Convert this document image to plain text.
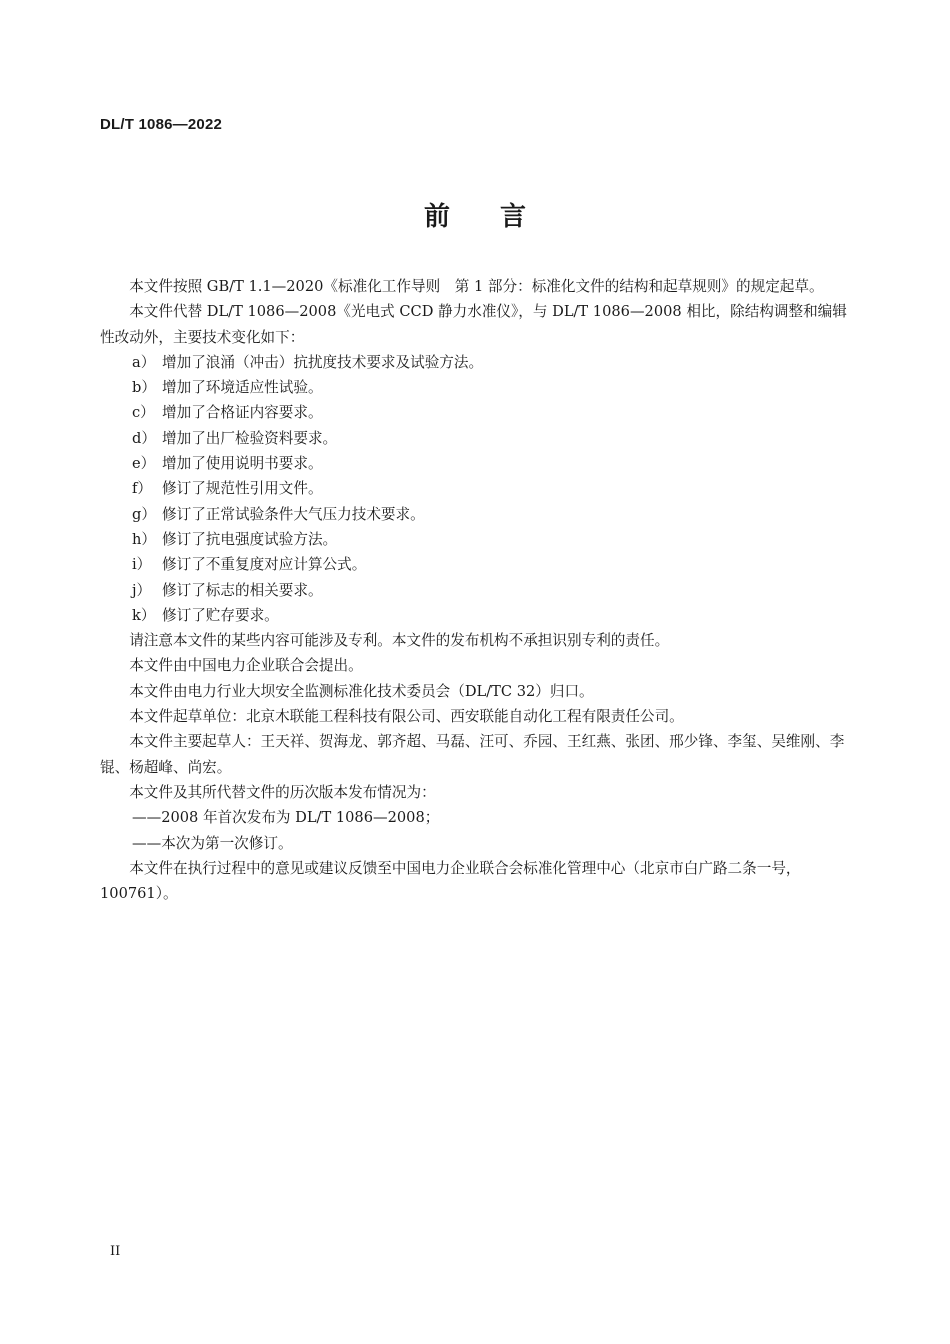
DL/T 1086—2022
前言

本文件按照 GB/T 1.1—2020《标准化工作导则　第 1 部分：标准化文件的结构和起草规则》的规定起草。

本文件代替 DL/T 1086—2008《光电式 CCD 静力水准仪》，与 DL/T 1086—2008 相比，除结构调整和编辑性改动外，主要技术变化如下：

a） 增加了浪涌（冲击）抗扰度技术要求及试验方法。

b） 增加了环境适应性试验。

c） 增加了合格证内容要求。

d） 增加了出厂检验资料要求。

e） 增加了使用说明书要求。

f） 修订了规范性引用文件。

g） 修订了正常试验条件大气压力技术要求。

h） 修订了抗电强度试验方法。

i） 修订了不重复度对应计算公式。

j） 修订了标志的相关要求。

k） 修订了贮存要求。

请注意本文件的某些内容可能涉及专利。本文件的发布机构不承担识别专利的责任。

本文件由中国电力企业联合会提出。

本文件由电力行业大坝安全监测标准化技术委员会（DL/TC 32）归口。

本文件起草单位：北京木联能工程科技有限公司、西安联能自动化工程有限责任公司。

本文件主要起草人：王天祥、贺海龙、郭齐超、马磊、汪可、乔园、王红燕、张团、邢少锋、李玺、吴维刚、李锟、杨超峰、尚宏。

本文件及其所代替文件的历次版本发布情况为：

——2008 年首次发布为 DL/T 1086—2008；

——本次为第一次修订。

本文件在执行过程中的意见或建议反馈至中国电力企业联合会标准化管理中心（北京市白广路二条一号，100761）。

II
